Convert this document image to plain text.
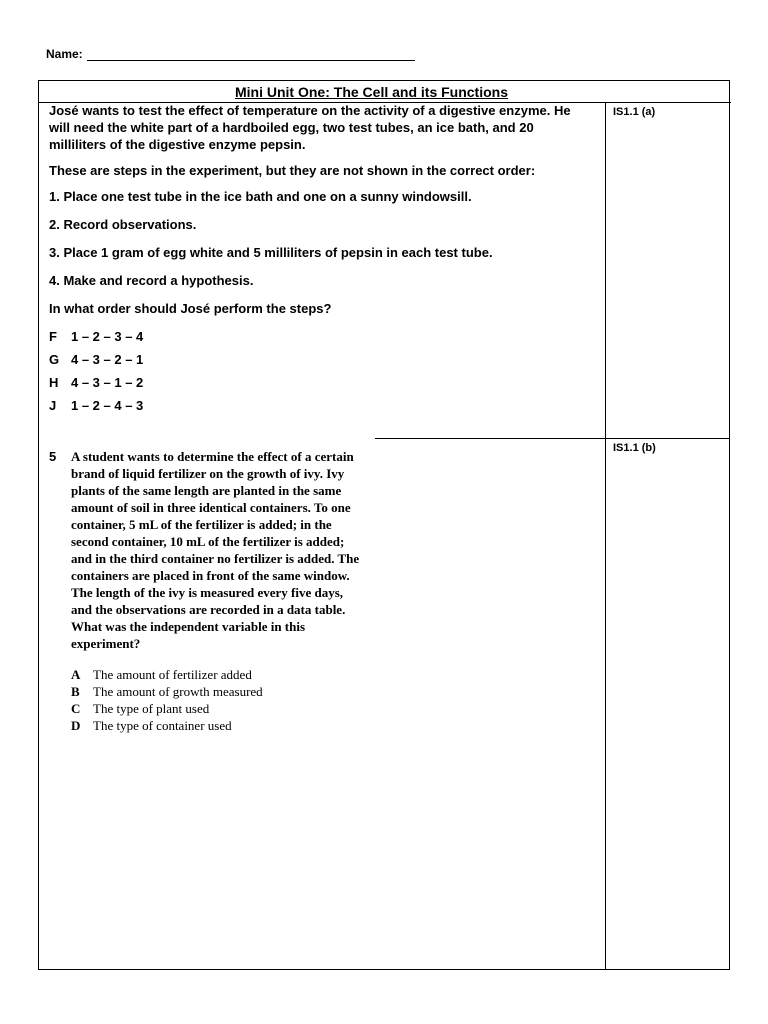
Name:
Mini Unit One: The Cell and its Functions
IS1.1 (a)
IS1.1 (b)

José wants to test the effect of temperature on the activity of a digestive enzyme. He will need the white part of a hardboiled egg, two test tubes, an ice bath, and 20 milliliters of the digestive enzyme pepsin.

These are steps in the experiment, but they are not shown in the correct order:

1. Place one test tube in the ice bath and one on a sunny windowsill.

2. Record observations.

3. Place 1 gram of egg white and 5 milliliters of pepsin in each test tube.

4. Make and record a hypothesis.

In what order should José perform the steps?

F	1 – 2 – 3 – 4
G 4 – 3 – 2 – 1
H 4 – 3 – 1 – 2
J	1 – 2 – 4 – 3
5 A student wants to determine the effect of a certain brand of liquid fertilizer on the growth of ivy. Ivy plants of the same length are planted in the same amount of soil in three identical containers. To one container, 5 mL of the fertilizer is added; in the second container, 10 mL of the fertilizer is added; and in the third container no fertilizer is added. The containers are placed in front of the same window. The length of the ivy is measured every five days, and the observations are recorded in a data table. What was the independent variable in this experiment?
A The amount of fertilizer added
B	The amount of growth measured
C The type of plant used
D The type of container used
